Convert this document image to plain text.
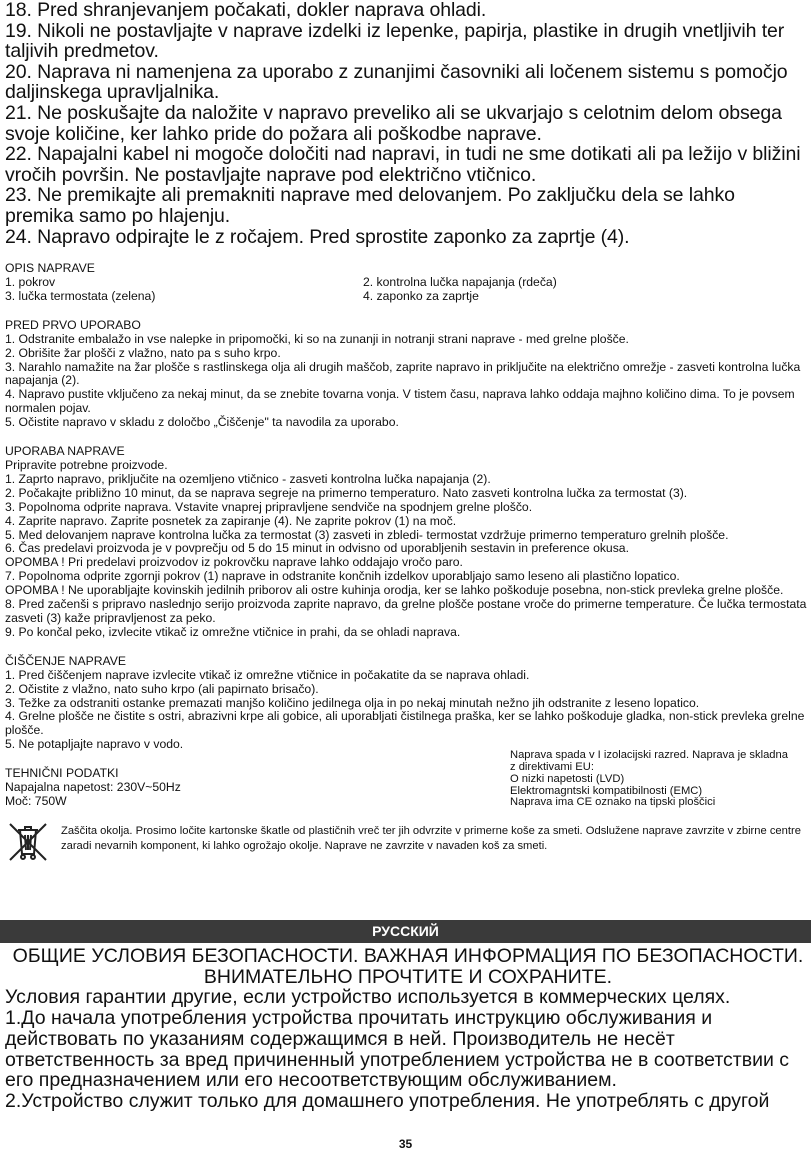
18. Pred shranjevanjem počakati, dokler naprava ohladi.

19. Nikoli ne postavljajte v naprave izdelki iz lepenke, papirja, plastike in drugih vnetljivih ter taljivih predmetov.

20. Naprava ni namenjena za uporabo z zunanjimi časovniki ali ločenem sistemu s pomočjo daljinskega upravljalnika.

21. Ne poskušajte da naložite v napravo preveliko ali se ukvarjajo s celotnim delom obsega svoje količine, ker lahko pride do požara ali poškodbe naprave.

22. Napajalni kabel ni mogoče določiti nad napravi, in tudi ne sme dotikati ali pa ležijo v bližini vročih površin. Ne postavljajte naprave pod električno vtičnico.

23. Ne premikajte ali premakniti naprave med delovanjem. Po zaključku dela se lahko premika samo po hlajenju.

24. Napravo odpirajte le z ročajem. Pred sprostite zaponko za zaprtje (4).

OPIS NAPRAVE

1. pokrov	2. kontrolna lučka napajanja (rdeča)
3. lučka termostata (zelena)	4. zaponko za zaprtje

PRED PRVO UPORABO

1. Odstranite embalažo in vse nalepke in pripomočki, ki so na zunanji in notranji strani naprave - med grelne plošče.

2. Obrišite žar plošči z vlažno, nato pa s suho krpo.

3. Narahlo namažite na žar plošče s rastlinskega olja ali drugih maščob, zaprite napravo in priključite na električno omrežje - zasveti kontrolna lučka napajanja (2).

4. Napravo pustite vključeno za nekaj minut, da se znebite tovarna vonja. V tistem času, naprava lahko oddaja majhno količino dima. To je povsem normalen pojav.

5. Očistite napravo v skladu z določbo „Čiščenje" ta navodila za uporabo.

UPORABA NAPRAVE

Pripravite potrebne proizvode.

1. Zaprto napravo, priključite na ozemljeno vtičnico - zasveti kontrolna lučka napajanja (2).

2. Počakajte približno 10 minut, da se naprava segreje na primerno temperaturo. Nato zasveti kontrolna lučka za termostat (3).

3. Popolnoma odprite naprava. Vstavite vnaprej pripravljene sendviče na spodnjem grelne ploščo.

4. Zaprite napravo. Zaprite posnetek za zapiranje (4). Ne zaprite pokrov (1) na moč.

5. Med delovanjem naprave kontrolna lučka za termostat (3) zasveti in zbledi- termostat vzdržuje primerno temperaturo grelnih plošče.

6. Čas predelavi proizvoda je v povprečju od 5 do 15 minut in odvisno od uporabljenih sestavin in preference okusa.

OPOMBA ! Pri predelavi proizvodov iz pokrovčku naprave lahko oddajajo vročo paro.

7. Popolnoma odprite zgornji pokrov (1) naprave in odstranite končnih izdelkov uporabljajo samo leseno ali plastično lopatico.

OPOMBA ! Ne uporabljajte kovinskih jedilnih priborov ali ostre kuhinja orodja, ker se lahko poškoduje posebna, non-stick prevleka grelne plošče.

8. Pred začenši s pripravo naslednjo serijo proizvoda zaprite napravo, da grelne plošče postane vroče do primerne temperature. Če lučka termostata zasveti (3) kaže pripravljenost za peko.

9. Po končal peko, izvlecite vtikač iz omrežne vtičnice in prahi, da se ohladi naprava.

ČIŠČENJE NAPRAVE

1. Pred čiščenjem naprave izvlecite vtikač iz omrežne vtičnice in počakatite da se naprava ohladi.

2. Očistite z vlažno, nato suho krpo (ali papirnato brisačo).

3. Težke za odstraniti ostanke premazati manjšo količino jedilnega olja in po nekaj minutah nežno jih odstranite z leseno lopatico.

4. Grelne plošče ne čistite s ostri, abrazivni krpe ali gobice, ali uporabljati čistilnega praška, ker se lahko poškoduje gladka, non-stick prevleka grelne plošče.

5. Ne potapljajte napravo v vodo.

TEHNIČNI PODATKI

Napajalna napetost: 230V~50Hz

Moč: 750W

Naprava spada v I izolacijski razred. Naprava je skladna
z direktivami EU:
O nizki napetosti (LVD)
Elektromagntski kompatibilnosti (EMC)
Naprava ima CE oznako na tipski ploščici
Zaščita okolja. Prosimo ločite kartonske škatle od plastičnih vreč ter jih odvrzite v primerne koše za smeti. Odslužene naprave zavrzite v zbirne centre zaradi nevarnih komponent, ki lahko ogrožajo okolje. Naprave ne zavrzite v navaden koš za smeti.
РУССКИЙ

ОБЩИЕ УСЛОВИЯ БЕЗОПАСНОСТИ. ВАЖНАЯ ИНФОРМАЦИЯ ПО БЕЗОПАСНОСТИ.

ВНИМАТЕЛЬНО ПРОЧТИТЕ И СОХРАНИТЕ.

Условия гарантии другие, если устройство используется в коммерческих целях.

1.До начала употребления устройства прочитать инструкцию обслуживания и действовать по указаниям содержащимся в ней. Производитель не несёт ответственность за вред причиненный употреблением устройства не в соответствии с его предназначением или его несоответствующим обслуживанием.

2.Устройство служит только для домашнего употребления. Не употреблять с другой

35
